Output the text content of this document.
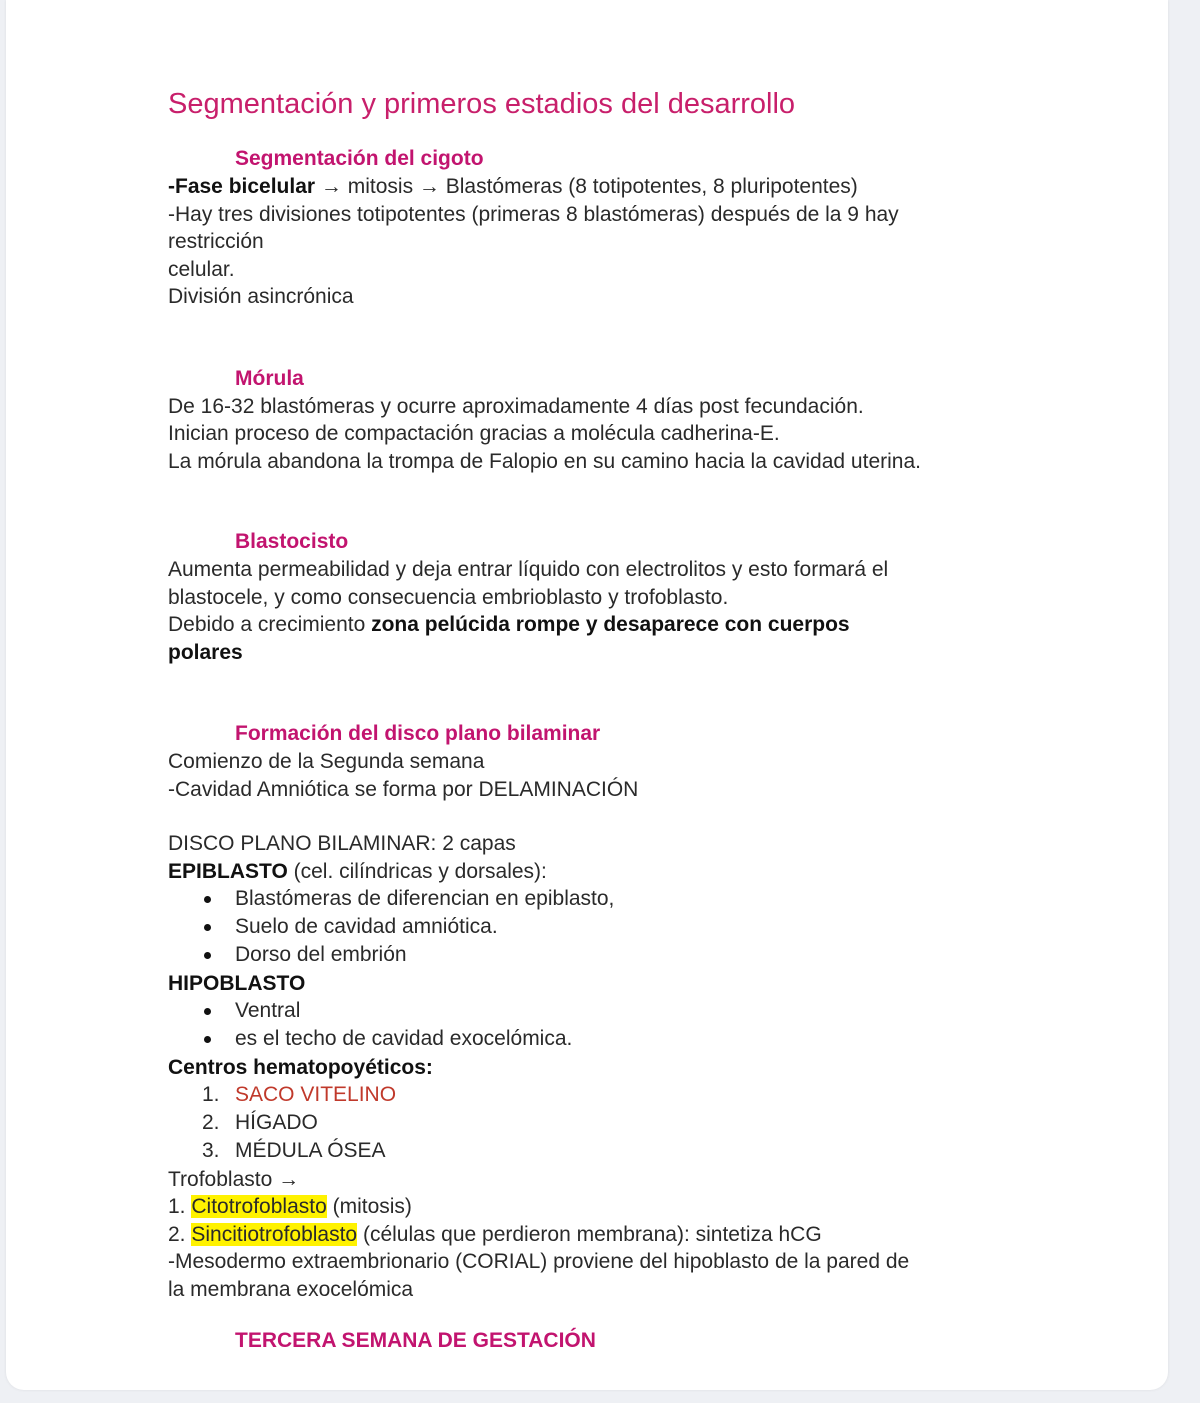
Segmentación y primeros estadios del desarrollo
Segmentación del cigoto

-Fase bicelular → mitosis → Blastómeras (8 totipotentes, 8 pluripotentes)

-Hay tres divisiones totipotentes (primeras 8 blastómeras) después de la 9 hay

restricción

celular.

División asincrónica

Mórula

De 16-32 blastómeras y ocurre aproximadamente 4 días post fecundación.

Inician proceso de compactación gracias a molécula cadherina-E.

La mórula abandona la trompa de Falopio en su camino hacia la cavidad uterina.

Blastocisto

Aumenta permeabilidad y deja entrar líquido con electrolitos y esto formará el

blastocele, y como consecuencia embrioblasto y trofoblasto.

Debido a crecimiento zona pelúcida rompe y desaparece con cuerpos

polares

Formación del disco plano bilaminar

Comienzo de la Segunda semana

-Cavidad Amniótica se forma por DELAMINACIÓN

DISCO PLANO BILAMINAR: 2 capas

EPIBLASTO (cel. cilíndricas y dorsales):

Blastómeras de diferencian en epiblasto,
Suelo de cavidad amniótica.
Dorso del embrión

HIPOBLASTO

Ventral
es el techo de cavidad exocelómica.

Centros hematopoyéticos:

1. SACO VITELINO
2. HÍGADO
3. MÉDULA ÓSEA

Trofoblasto →

1. Citotrofoblasto (mitosis)

2. Sincitiotrofoblasto (células que perdieron membrana): sintetiza hCG

-Mesodermo extraembrionario (CORIAL) proviene del hipoblasto de la pared de

la membrana exocelómica

TERCERA SEMANA DE GESTACIÓN
